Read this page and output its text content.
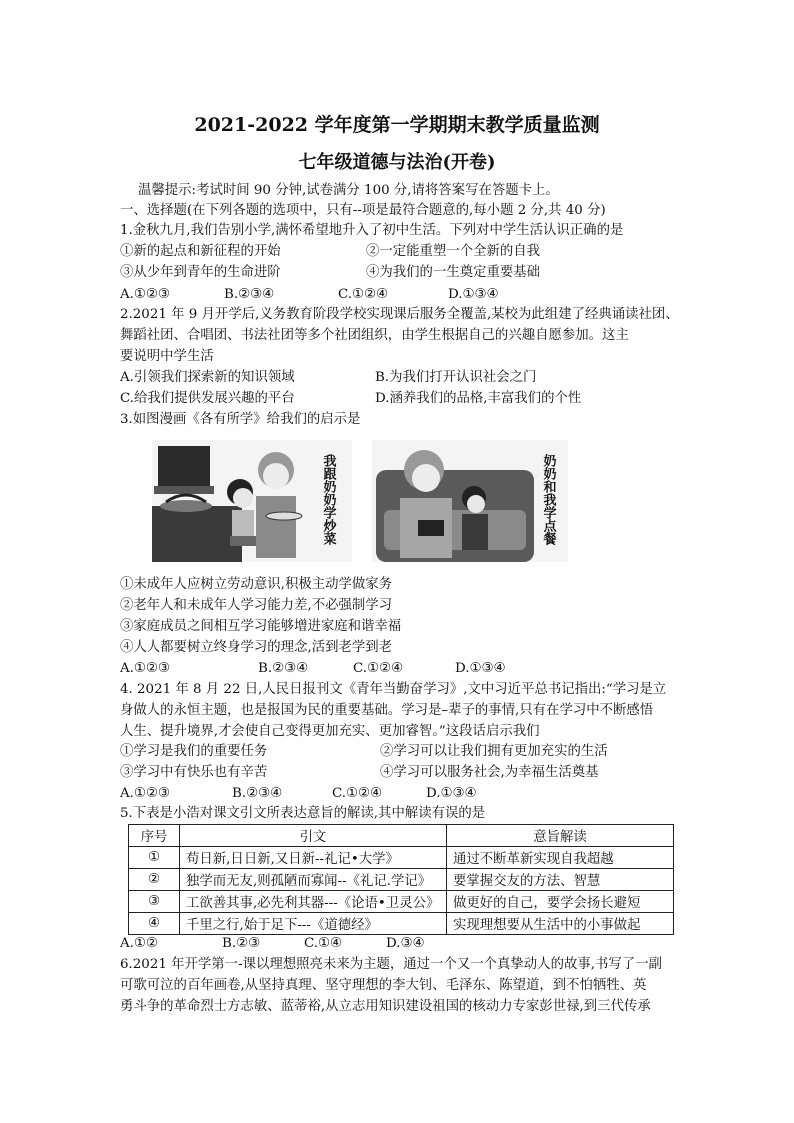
2021-2022 学年度第一学期期末教学质量监测
七年级道德与法治(开卷)
温馨提示:考试时间 90 分钟,试卷满分 100 分,请将答案写在答题卡上。
一、选择题(在下列各题的选项中，只有--项是最符合题意的,每小题 2 分,共 40 分)
1.金秋九月,我们告别小学,满怀希望地升入了初中生活。下列对中学生活认识正确的是
①新的起点和新征程的开始	②一定能重塑一个全新的自我
③从少年到青年的生命进阶	④为我们的一生奠定重要基础
A.①②③	B.②③④	C.①②④	D.①③④
2.2021 年 9 月开学后,义务教育阶段学校实现课后服务全覆盖,某校为此组建了经典诵读社团、
舞蹈社团、合唱团、书法社团等多个社团组织，由学生根据自己的兴趣自愿参加。这主
要说明中学生活
A.引领我们探索新的知识领域	B.为我们打开认识社会之门
C.给我们提供发展兴趣的平台	D.涵养我们的品格,丰富我们的个性
3.如图漫画《各有所学》给我们的启示是
我跟奶奶学炒菜	奶奶和我学点餐
①未成年人应树立劳动意识,积极主动学做家务
②老年人和未成年人学习能力差,不必强制学习
③家庭成员之间相互学习能够增进家庭和谐幸福
④人人都要树立终身学习的理念,活到老学到老
A.①②③	B.②③④	C.①②④	D.①③④
4. 2021 年 8 月 22 日,人民日报刊文《青年当勤奋学习》,文中习近平总书记指出:“学习是立
身做人的永恒主题，也是报国为民的重要基础。学习是–辈子的事情,只有在学习中不断感悟
人生、提升境界,才会使自己变得更加充实、更加睿智。”这段话启示我们
①学习是我们的重要任务	②学习可以让我们拥有更加充实的生活
③学习中有快乐也有辛苦	④学习可以服务社会,为幸福生活奠基
A.①②③	B.②③④	C.①②④	D.①③④
5.下表是小浩对课文引文所表达意旨的解读,其中解读有误的是
序号	引文	意旨解读
①	苟日新,日日新,又日新--礼记•大学》	通过不断革新实现自我超越
②	独学而无友,则孤陋而寡闻--《礼记.学记》	要掌握交友的方法、智慧
③	工欲善其事,必先利其器---《论语•卫灵公》	做更好的自己，要学会扬长避短
④	千里之行,始于足下---《道德经》	实现理想要从生活中的小事做起
A.①②	B.②③	C.①④	D.③④
6.2021 年开学第一-课以理想照亮未来为主题，通过一个又一个真挚动人的故事,书写了一副
可歌可泣的百年画卷,从坚持真理、坚守理想的李大钊、毛泽东、陈望道，到不怕牺牲、英
勇斗争的革命烈士方志敏、蓝蒂裕,从立志用知识建设祖国的核动力专家彭世禄,到三代传承
